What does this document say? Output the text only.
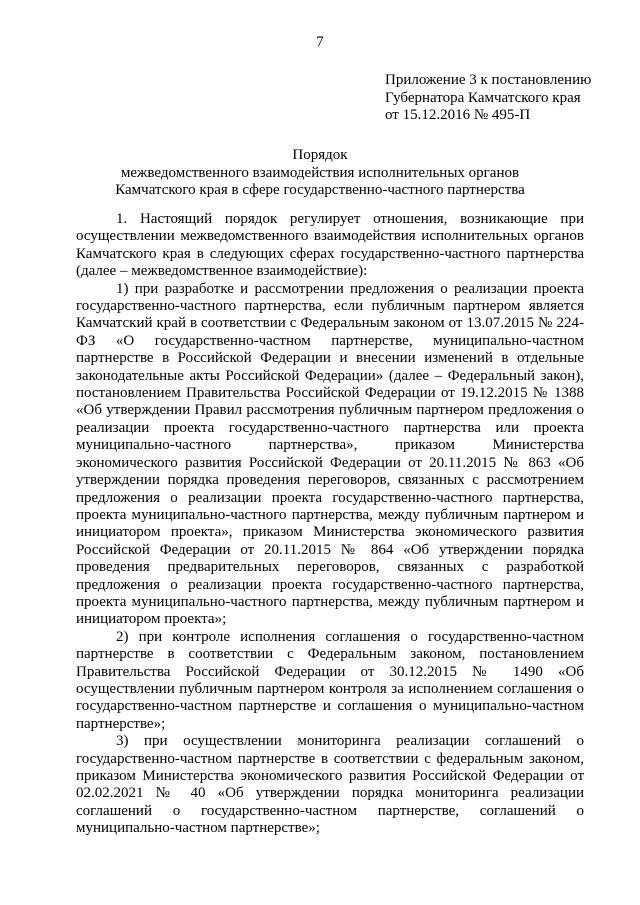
7
Приложение 3 к постановлению
Губернатора Камчатского края
от 15.12.2016 № 495-П
Порядок
межведомственного взаимодействия исполнительных органов
Камчатского края в сфере государственно-частного партнерства

1. Настоящий порядок регулирует отношения, возникающие при осуществлении межведомственного взаимодействия исполнительных органов Камчатского края в следующих сферах государственно-частного партнерства (далее – межведомственное взаимодействие):

1) при разработке и рассмотрении предложения о реализации проекта государственно-частного партнерства, если публичным партнером является Камчатский край в соответствии с Федеральным законом от 13.07.2015 № 224-ФЗ «О государственно-частном партнерстве, муниципально-частном партнерстве в Российской Федерации и внесении изменений в отдельные законодательные акты Российской Федерации» (далее – Федеральный закон), постановлением Правительства Российской Федерации от 19.12.2015 № 1388 «Об утверждении Правил рассмотрения публичным партнером предложения о реализации проекта государственно-частного партнерства или проекта муниципально-частного партнерства», приказом Министерства экономического развития Российской Федерации от 20.11.2015 № 863 «Об утверждении порядка проведения переговоров, связанных с рассмотрением предложения о реализации проекта государственно-частного партнерства, проекта муниципально-частного партнерства, между публичным партнером и инициатором проекта», приказом Министерства экономического развития Российской Федерации от 20.11.2015 № 864 «Об утверждении порядка проведения предварительных переговоров, связанных с разработкой предложения о реализации проекта государственно-частного партнерства, проекта муниципально-частного партнерства, между публичным партнером и инициатором проекта»;

2) при контроле исполнения соглашения о государственно-частном партнерстве в соответствии с Федеральным законом, постановлением Правительства Российской Федерации от 30.12.2015 № 1490 «Об осуществлении публичным партнером контроля за исполнением соглашения о государственно-частном партнерстве и соглашения о муниципально-частном партнерстве»;

3) при осуществлении мониторинга реализации соглашений о государственно-частном партнерстве в соответствии с федеральным законом, приказом Министерства экономического развития Российской Федерации от 02.02.2021 № 40 «Об утверждении порядка мониторинга реализации соглашений о государственно-частном партнерстве, соглашений о муниципально-частном партнерстве»;
